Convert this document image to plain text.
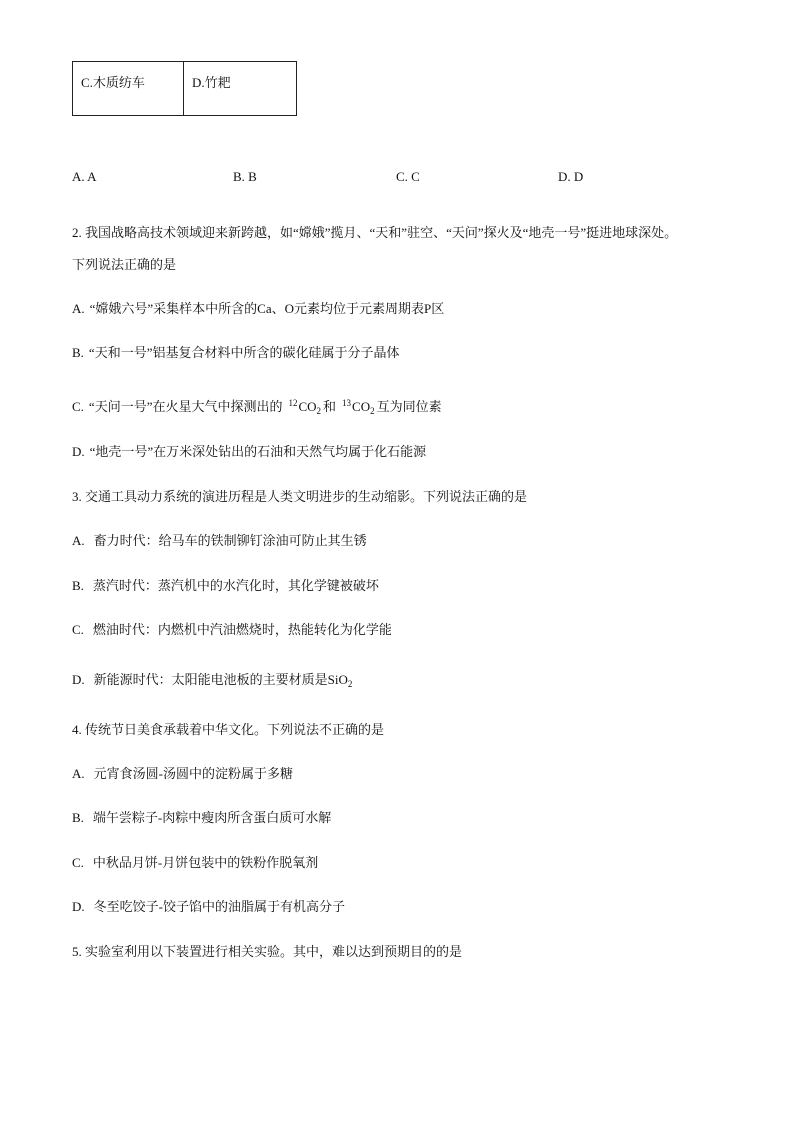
C.木质纺车	D.竹耙
A. A	B. B	C. C	D. D
2. 我国战略高技术领域迎来新跨越，如“嫦娥”揽月、“天和”驻空、“天问”探火及“地壳一号”挺进地球深处。
下列说法正确的是
A. “嫦娥六号”采集样本中所含的Ca、O元素均位于元素周期表P区
B. “天和一号”铝基复合材料中所含的碳化硅属于分子晶体
C. “天问一号”在火星大气中探测出的 $^{12}CO_2$ 和 $^{13}CO_2$ 互为同位素
D. “地壳一号”在万米深处钻出的石油和天然气均属于化石能源
3. 交通工具动力系统的演进历程是人类文明进步的生动缩影。下列说法正确的是
A. 畜力时代：给马车的铁制铆钉涂油可防止其生锈
B. 蒸汽时代：蒸汽机中的水汽化时，其化学键被破坏
C. 燃油时代：内燃机中汽油燃烧时，热能转化为化学能
D. 新能源时代：太阳能电池板的主要材质是SiO$_2$
4. 传统节日美食承载着中华文化。下列说法不正确的是
A. 元宵食汤圆-汤圆中的淀粉属于多糖
B. 端午尝粽子-肉粽中瘦肉所含蛋白质可水解
C. 中秋品月饼-月饼包装中的铁粉作脱氧剂
D. 冬至吃饺子-饺子馅中的油脂属于有机高分子
5. 实验室利用以下装置进行相关实验。其中，难以达到预期目的的是
